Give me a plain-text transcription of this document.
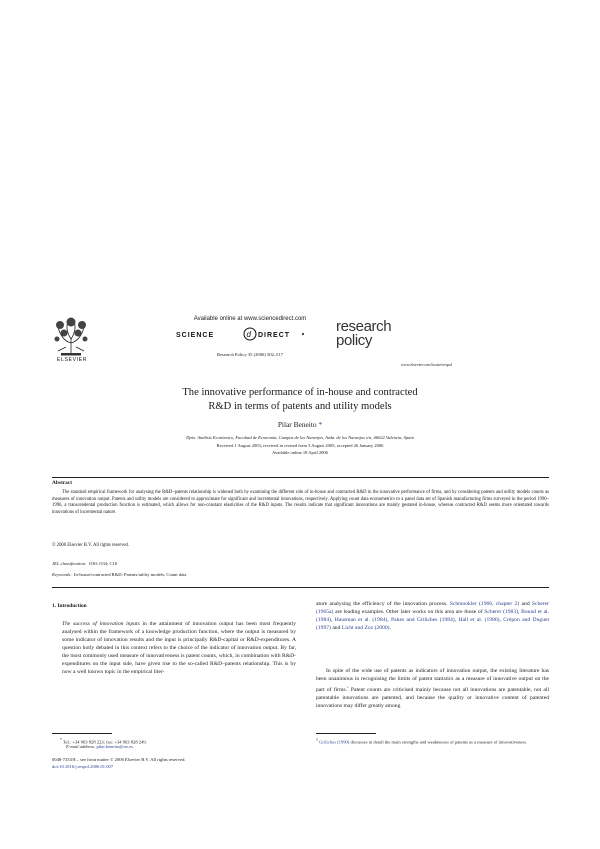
ELSEVIER
Available online at www.sciencedirect.com
SCIENCE	d DIRECT
Research Policy 35 (2006) 502–517
research
policy
www.elsevier.com/locate/respol
The innovative performance of in-house and contracted
R&D in terms of patents and utility models
Pilar Beneito *
Dpto. Análisis Económico, Facultad de Economía, Campus de los Naranjos, Avda. de los Naranjos s/n, 46022 Valencia, Spain
Received 1 August 2003; received in revised form 5 August 2005; accepted 26 January 2006
Available online 18 April 2006
Abstract
The standard empirical framework for analysing the R&D–patents relationship is widened both by examining the different role of in-house and contracted R&D in the innovative performance of firms, and by considering patents and utility models counts as measures of innovation output. Patents and utility models are considered to approximate for significant and incremental innovations, respectively. Applying count data econometrics to a panel data set of Spanish manufacturing firms surveyed in the period 1990–1996, a transcendental production function is estimated, which allows for non-constant elasticities of the R&D inputs. The results indicate that significant innovations are mainly gestated in-house, whereas contracted R&D seems more orientated towards innovations of incremental nature.
© 2006 Elsevier B.V. All rights reserved.
JEL classification: O30; O34; C10
Keywords: In-house/contracted R&D; Patents/utility models; Count data
1. Introduction
The success of innovation inputs in the attainment of innovation output has been most frequently analysed within the framework of a knowledge production function, where the output is measured by some indicator of innovation results and the input is principally R&D-capital or R&D-expenditures. A question hotly debated in this context refers to the choice of the indicator of innovation output. By far, the most commonly used measure of innovativeness is patent counts, which, in combination with R&D-expenditures on the input side, have given rise to the so-called R&D–patents relationship. This is by now a well known topic in the empirical liter-
ature analysing the efficiency of the innovation process. Schmookler (1966, chapter 2) and Scherer (1965a) are leading examples. Other later works on this area are those of Scherer (1983), Bound et al. (1984), Hausman et al. (1984), Pakes and Griliches (1984), Hall et al. (1986), Crépon and Duguet (1997) and Licht and Zoz (2000).
In spite of the wide use of patents as indicators of innovation output, the existing literature has been unanimous in recognising the limits of patent statistics as a measure of innovative output on the part of firms.$^1$ Patent counts are criticised mainly because not all innovations are patentable, not all patentable innovations are patented, and because the quality or innovative content of patented innovations may differ greatly among
* Tel.: +34 963 828 223; fax: +34 963 828 249.
E-mail address: pilar.beneito@uv.es.
$^1$ Griliches (1990) discusses in detail the main strengths and weaknesses of patents as a measure of innovativeness.
0048-7333/$ – see front matter © 2006 Elsevier B.V. All rights reserved.
doi:10.1016/j.respol.2006.01.007
